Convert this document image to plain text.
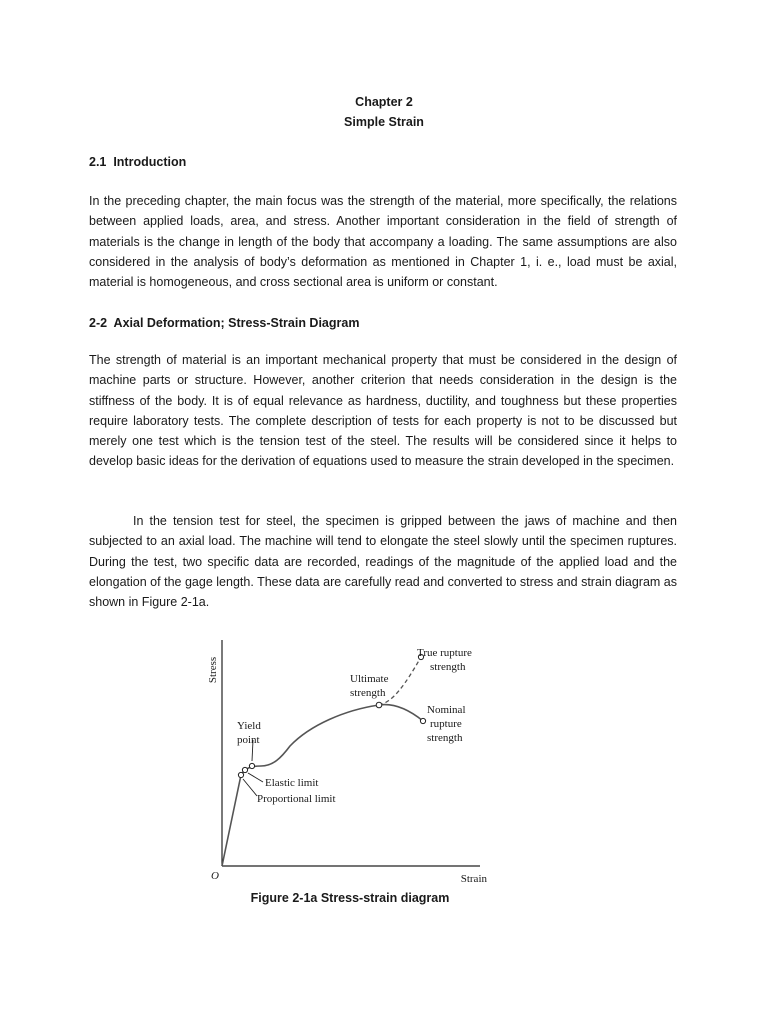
Chapter 2
Simple Strain
2.1  Introduction

In the preceding chapter, the main focus was the strength of the material, more specifically, the relations between applied loads, area, and stress. Another important consideration in the field of strength of materials is the change in length of the body that accompany a loading. The same assumptions are also considered in the analysis of body’s deformation as mentioned in Chapter 1, i. e., load must be axial, material is homogeneous, and cross sectional area is uniform or constant.

2-2  Axial Deformation; Stress-Strain Diagram

The strength of material is an important mechanical property that must be considered in the design of machine parts or structure. However, another criterion that needs consideration in the design is the stiffness of the body. It is of equal relevance as hardness, ductility, and toughness but these properties require laboratory tests. The complete description of tests for each property is not to be discussed but merely one test which is the tension test of the steel. The results will be considered since it helps to develop basic ideas for the derivation of equations used to measure the strain developed in the specimen.

In the tension test for steel, the specimen is gripped between the jaws of machine and then subjected to an axial load. The machine will tend to elongate the steel slowly until the specimen ruptures. During the test, two specific data are recorded, readings of the magnitude of the applied load and the elongation of the gage length. These data are carefully read and converted to stress and strain diagram as shown in Figure 2-1a.

Stress
Strain
O
True rupture
strength
Ultimate
strength
Nominal
rupture
strength
Yield
point
Elastic limit
Proportional limit
Figure 2-1a Stress-strain diagram
